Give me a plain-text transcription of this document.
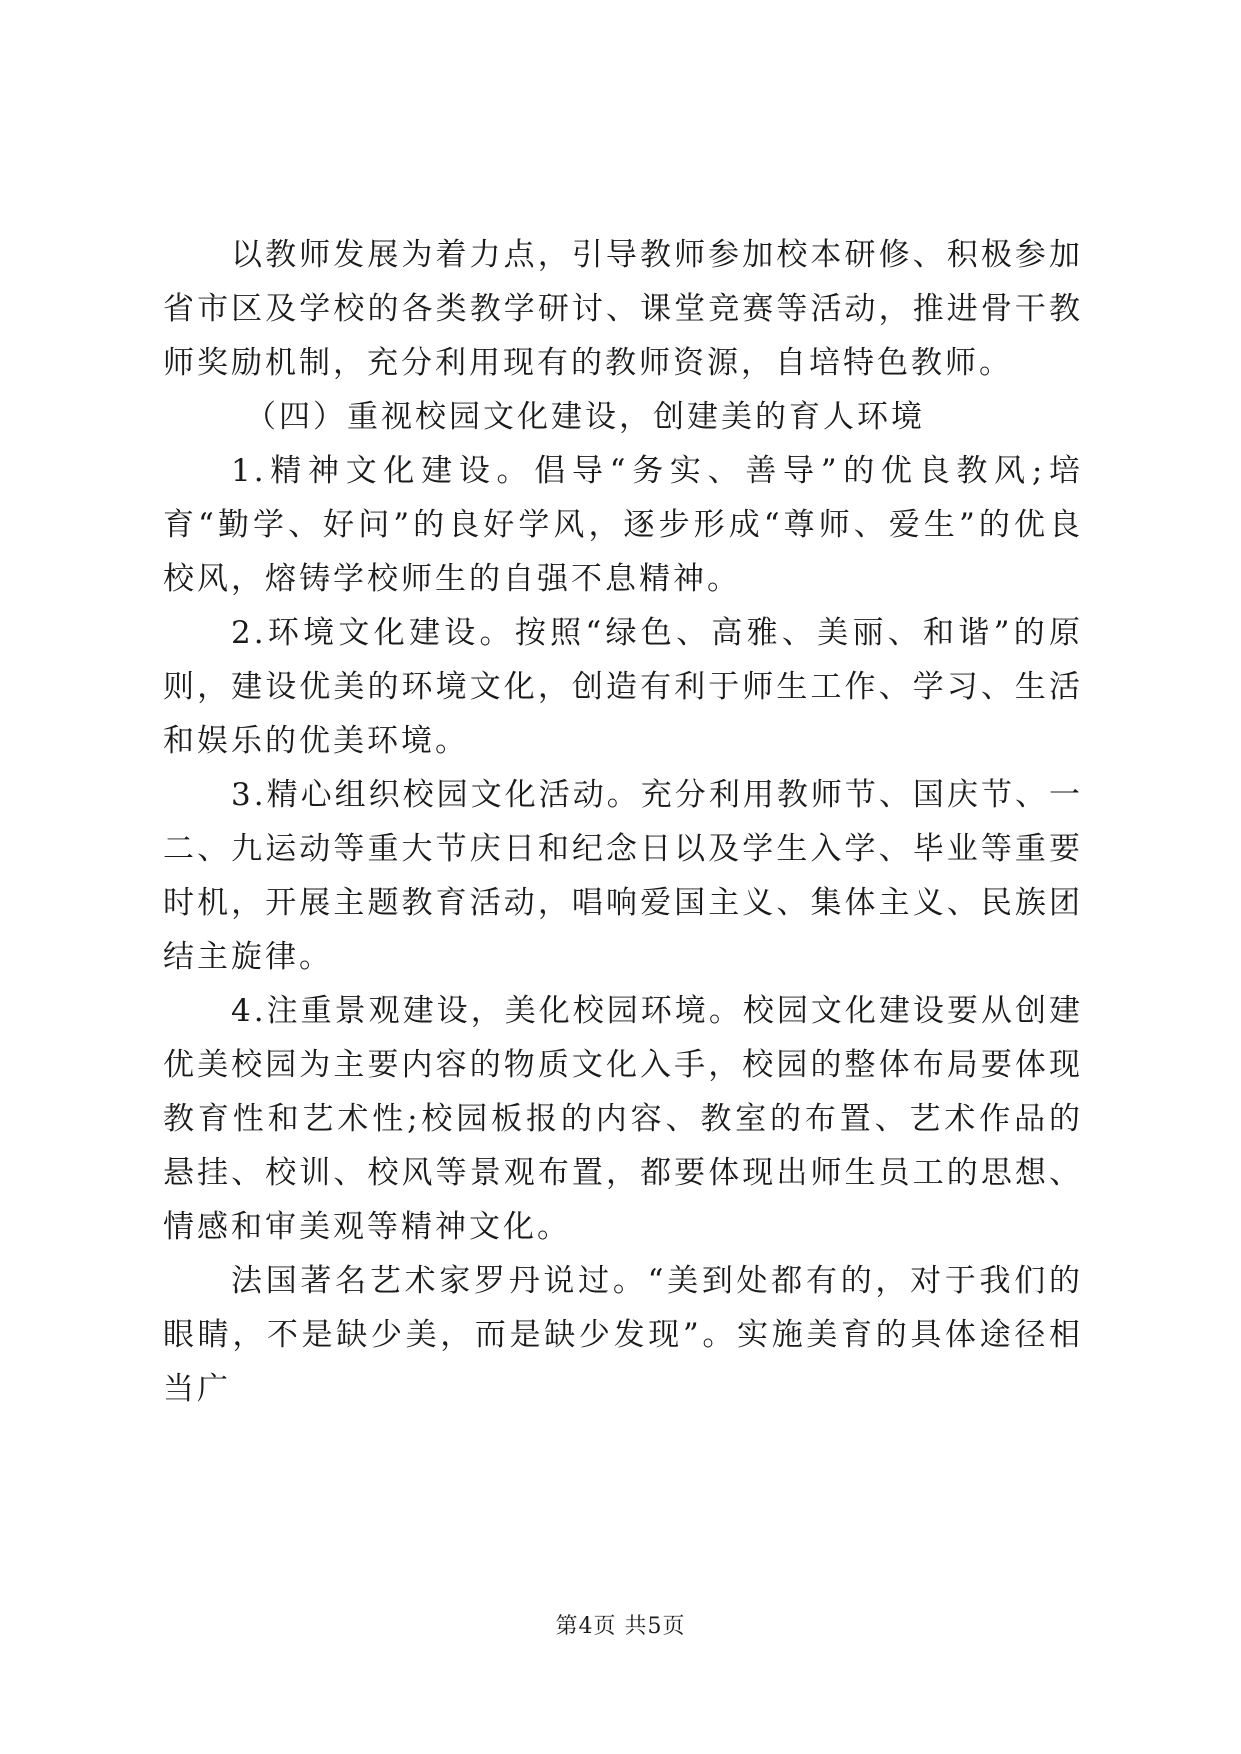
以教师发展为着力点，引导教师参加校本研修、积极参加省市区及学校的各类教学研讨、课堂竞赛等活动，推进骨干教师奖励机制，充分利用现有的教师资源，自培特色教师。

（四）重视校园文化建设，创建美的育人环境

1.精神文化建设。倡导“务实、善导”的优良教风;培育“勤学、好问”的良好学风，逐步形成“尊师、爱生”的优良校风，熔铸学校师生的自强不息精神。

2.环境文化建设。按照“绿色、高雅、美丽、和谐”的原则，建设优美的环境文化，创造有利于师生工作、学习、生活和娱乐的优美环境。

3.精心组织校园文化活动。充分利用教师节、国庆节、一二、九运动等重大节庆日和纪念日以及学生入学、毕业等重要时机，开展主题教育活动，唱响爱国主义、集体主义、民族团结主旋律。

4.注重景观建设，美化校园环境。校园文化建设要从创建优美校园为主要内容的物质文化入手，校园的整体布局要体现教育性和艺术性;校园板报的内容、教室的布置、艺术作品的悬挂、校训、校风等景观布置，都要体现出师生员工的思想、情感和审美观等精神文化。

法国著名艺术家罗丹说过。“美到处都有的，对于我们的眼睛，不是缺少美，而是缺少发现”。实施美育的具体途径相当广

第4页 共5页
